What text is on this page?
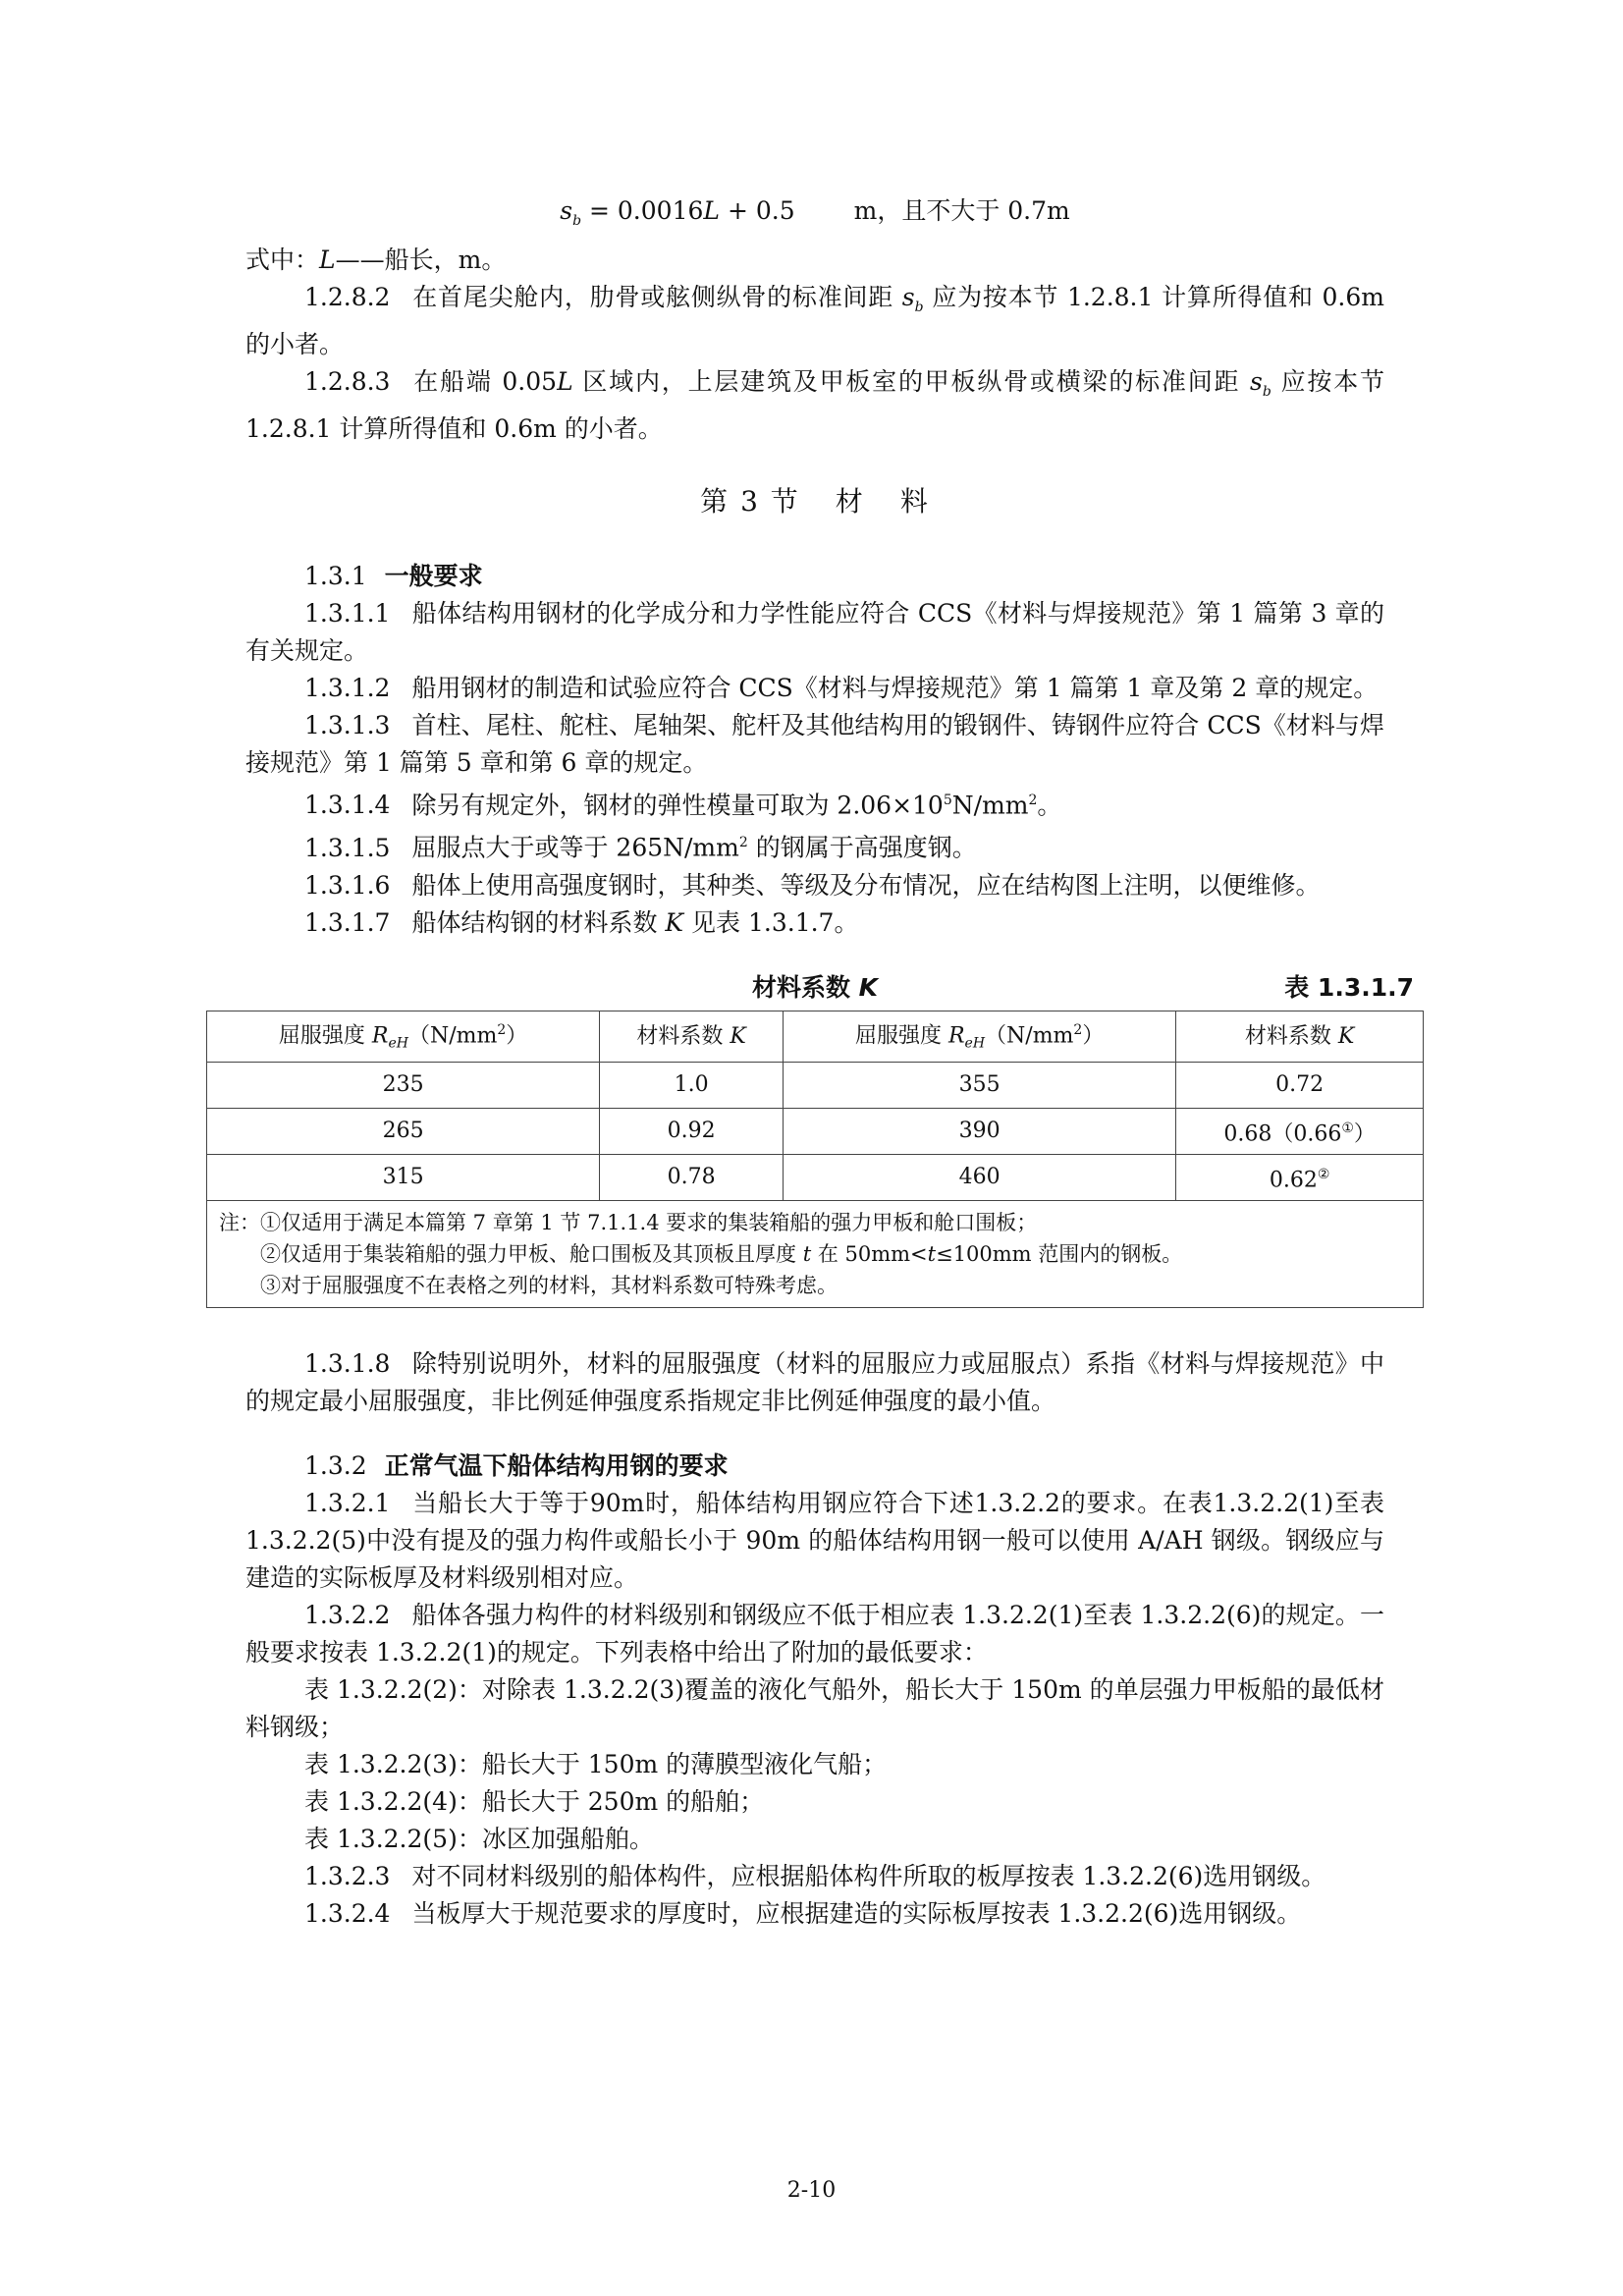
$s_b = 0.0016L + 0.5$ m，且不大于 0.7m

式中：L——船长，m。

1.2.8.2 在首尾尖舱内，肋骨或舷侧纵骨的标准间距 $s_b$ 应为按本节 1.2.8.1 计算所得值和 0.6m 的小者。

1.2.8.3 在船端 0.05L 区域内，上层建筑及甲板室的甲板纵骨或横梁的标准间距 $s_b$ 应按本节 1.2.8.1 计算所得值和 0.6m 的小者。

第 3 节 材 料

1.3.1 一般要求

1.3.1.1 船体结构用钢材的化学成分和力学性能应符合 CCS《材料与焊接规范》第 1 篇第 3 章的有关规定。

1.3.1.2 船用钢材的制造和试验应符合 CCS《材料与焊接规范》第 1 篇第 1 章及第 2 章的规定。

1.3.1.3 首柱、尾柱、舵柱、尾轴架、舵杆及其他结构用的锻钢件、铸钢件应符合 CCS《材料与焊接规范》第 1 篇第 5 章和第 6 章的规定。

1.3.1.4 除另有规定外，钢材的弹性模量可取为 $2.06\times 10^5N/mm^2$。

1.3.1.5 屈服点大于或等于 $265N/mm^2$ 的钢属于高强度钢。

1.3.1.6 船体上使用高强度钢时，其种类、等级及分布情况，应在结构图上注明，以便维修。

1.3.1.7 船体结构钢的材料系数 K 见表 1.3.1.7。

材料系数 K	表 1.3.1.7
屈服强度 $R_{eH}(N/mm^2)$	材料系数 K	屈服强度 $R_{eH}(N/mm^2)$	材料系数 K
235	1.0	355	0.72
265	0.92	390	0.68（0.66①）
315	0.78	460	0.62②

注：①仅适用于满足本篇第 7 章第 1 节 7.1.1.4 要求的集装箱船的强力甲板和舱口围板；
②仅适用于集装箱船的强力甲板、舱口围板及其顶板且厚度 t 在 50mm<t≤100mm 范围内的钢板。
③对于屈服强度不在表格之列的材料，其材料系数可特殊考虑。			

1.3.1.8 除特别说明外，材料的屈服强度（材料的屈服应力或屈服点）系指《材料与焊接规范》中的规定最小屈服强度，非比例延伸强度系指规定非比例延伸强度的最小值。

1.3.2 正常气温下船体结构用钢的要求

1.3.2.1 当船长大于等于90m时，船体结构用钢应符合下述1.3.2.2的要求。在表1.3.2.2(1)至表 1.3.2.2(5)中没有提及的强力构件或船长小于 90m 的船体结构用钢一般可以使用 A/AH 钢级。钢级应与建造的实际板厚及材料级别相对应。

1.3.2.2 船体各强力构件的材料级别和钢级应不低于相应表 1.3.2.2(1)至表 1.3.2.2(6)的规定。一般要求按表 1.3.2.2(1)的规定。下列表格中给出了附加的最低要求：

表 1.3.2.2(2)：对除表 1.3.2.2(3)覆盖的液化气船外，船长大于 150m 的单层强力甲板船的最低材料钢级；

表 1.3.2.2(3)：船长大于 150m 的薄膜型液化气船；

表 1.3.2.2(4)：船长大于 250m 的船舶；

表 1.3.2.2(5)：冰区加强船舶。

1.3.2.3 对不同材料级别的船体构件，应根据船体构件所取的板厚按表 1.3.2.2(6)选用钢级。

1.3.2.4 当板厚大于规范要求的厚度时，应根据建造的实际板厚按表 1.3.2.2(6)选用钢级。

2-10
